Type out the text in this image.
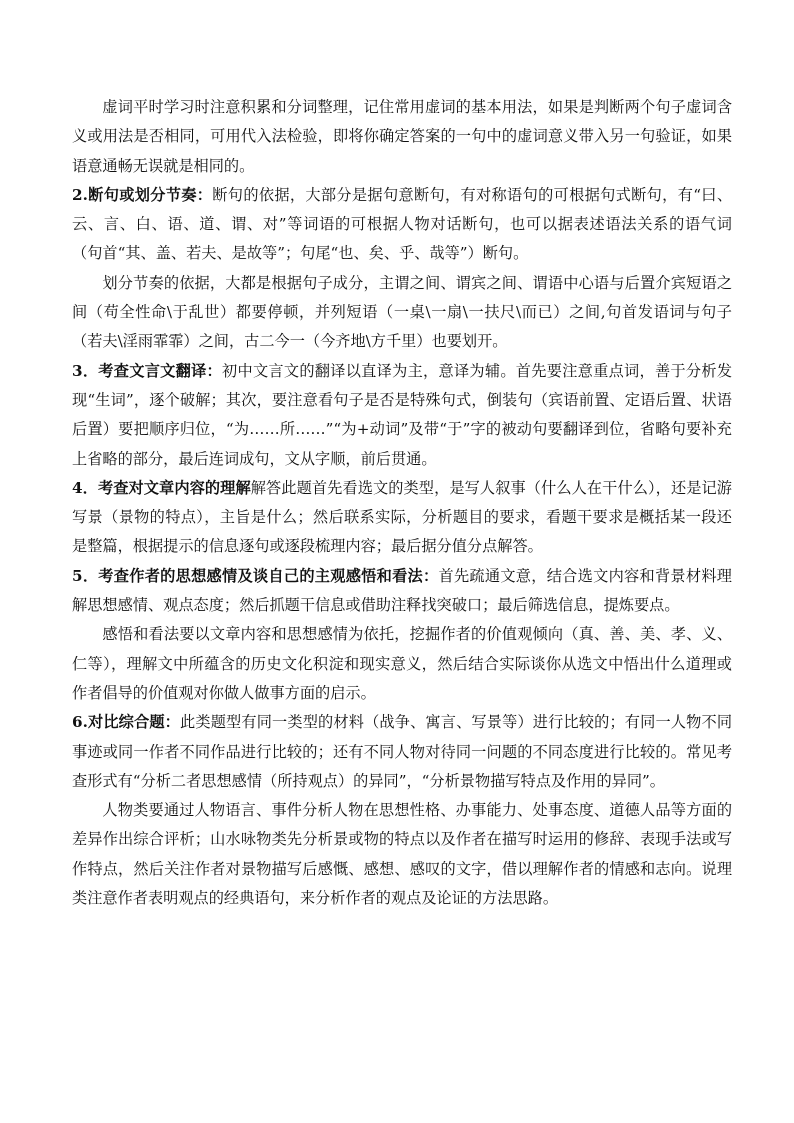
虚词平时学习时注意积累和分词整理，记住常用虚词的基本用法，如果是判断两个句子虚词含义或用法是否相同，可用代入法检验，即将你确定答案的一句中的虚词意义带入另一句验证，如果语意通畅无误就是相同的。

2.断句或划分节奏：断句的依据，大部分是据句意断句，有对称语句的可根据句式断句，有“曰、云、言、白、语、道、谓、对”等词语的可根据人物对话断句，也可以据表述语法关系的语气词（句首“其、盖、若夫、是故等”；句尾“也、矣、乎、哉等”）断句。

划分节奏的依据，大都是根据句子成分，主谓之间、谓宾之间、谓语中心语与后置介宾短语之间（苟全性命\于乱世）都要停顿，并列短语（一桌\一扇\一扶尺\而已）之间,句首发语词与句子（若夫\淫雨霏霏）之间，古二今一（今齐地\方千里）也要划开。

3．考查文言文翻译：初中文言文的翻译以直译为主，意译为辅。首先要注意重点词，善于分析发现“生词”，逐个破解；其次，要注意看句子是否是特殊句式，倒装句（宾语前置、定语后置、状语后置）要把顺序归位，“为……所……”“为+动词”及带“于”字的被动句要翻译到位，省略句要补充上省略的部分，最后连词成句，文从字顺，前后贯通。

4．考查对文章内容的理解解答此题首先看选文的类型，是写人叙事（什么人在干什么），还是记游写景（景物的特点），主旨是什么；然后联系实际，分析题目的要求，看题干要求是概括某一段还是整篇，根据提示的信息逐句或逐段梳理内容；最后据分值分点解答。

5．考查作者的思想感情及谈自己的主观感悟和看法：首先疏通文意，结合选文内容和背景材料理解思想感情、观点态度；然后抓题干信息或借助注释找突破口；最后筛选信息，提炼要点。

感悟和看法要以文章内容和思想感情为依托，挖掘作者的价值观倾向（真、善、美、孝、义、仁等），理解文中所蕴含的历史文化积淀和现实意义，然后结合实际谈你从选文中悟出什么道理或作者倡导的价值观对你做人做事方面的启示。

6.对比综合题：此类题型有同一类型的材料（战争、寓言、写景等）进行比较的；有同一人物不同事迹或同一作者不同作品进行比较的；还有不同人物对待同一问题的不同态度进行比较的。常见考查形式有“分析二者思想感情（所持观点）的异同”，“分析景物描写特点及作用的异同”。

人物类要通过人物语言、事件分析人物在思想性格、办事能力、处事态度、道德人品等方面的差异作出综合评析；山水咏物类先分析景或物的特点以及作者在描写时运用的修辞、表现手法或写作特点，然后关注作者对景物描写后感慨、感想、感叹的文字，借以理解作者的情感和志向。说理类注意作者表明观点的经典语句，来分析作者的观点及论证的方法思路。
